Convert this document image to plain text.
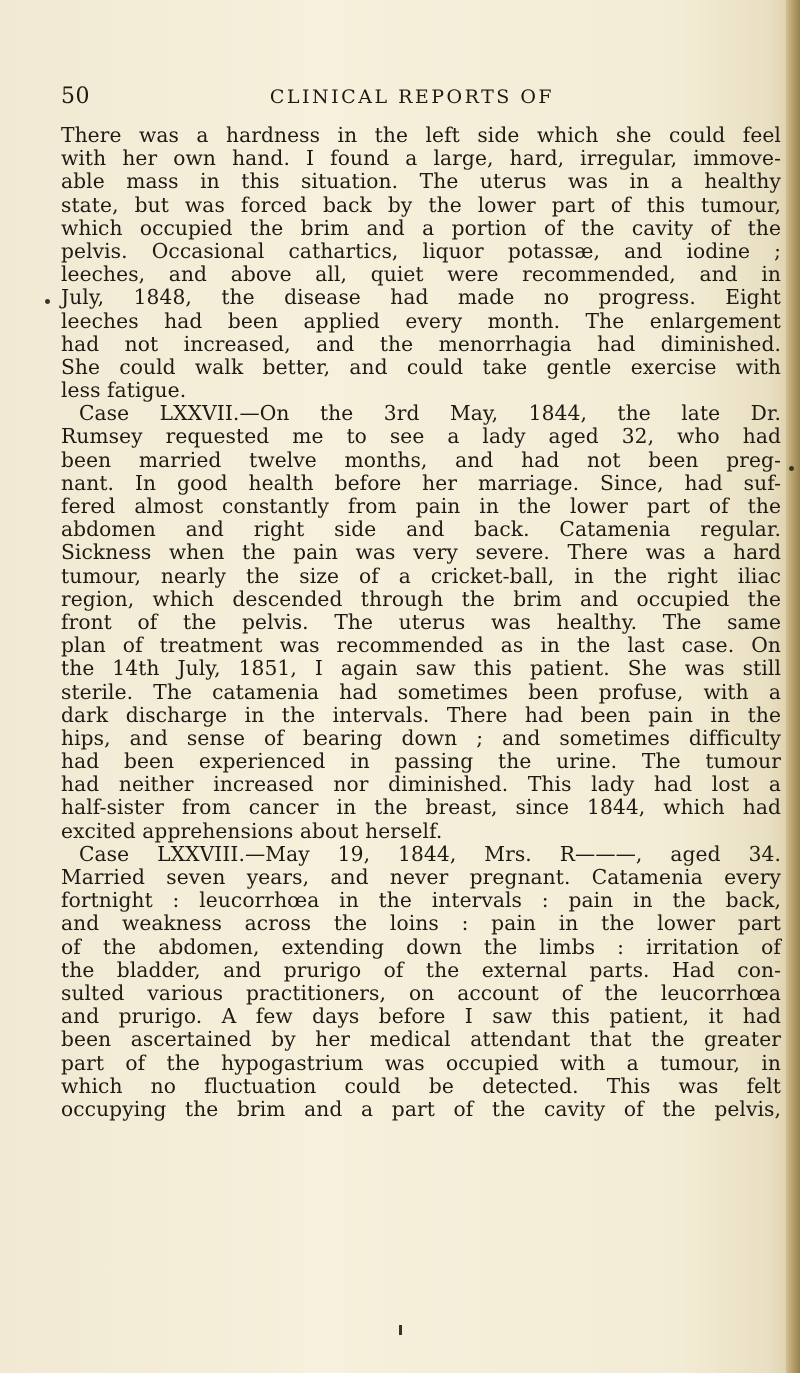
50	CLINICAL REPORTS OF
There was a hardness in the left side which she could feel
with her own hand. I found a large, hard, irregular, immove-
able mass in this situation. The uterus was in a healthy
state, but was forced back by the lower part of this tumour,
which occupied the brim and a portion of the cavity of the
pelvis. Occasional cathartics, liquor potassæ, and iodine ;
leeches, and above all, quiet were recommended, and in
July, 1848, the disease had made no progress. Eight
leeches had been applied every month. The enlargement
had not increased, and the menorrhagia had diminished.
She could walk better, and could take gentle exercise with
less fatigue.
Case LXXVII.—On the 3rd May, 1844, the late Dr.
Rumsey requested me to see a lady aged 32, who had
been married twelve months, and had not been preg-
nant. In good health before her marriage. Since, had suf-
fered almost constantly from pain in the lower part of the
abdomen and right side and back. Catamenia regular.
Sickness when the pain was very severe. There was a hard
tumour, nearly the size of a cricket-ball, in the right iliac
region, which descended through the brim and occupied the
front of the pelvis. The uterus was healthy. The same
plan of treatment was recommended as in the last case. On
the 14th July, 1851, I again saw this patient. She was still
sterile. The catamenia had sometimes been profuse, with a
dark discharge in the intervals. There had been pain in the
hips, and sense of bearing down ; and sometimes difficulty
had been experienced in passing the urine. The tumour
had neither increased nor diminished. This lady had lost a
half-sister from cancer in the breast, since 1844, which had
excited apprehensions about herself.
Case LXXVIII.—May 19, 1844, Mrs. R———, aged 34.
Married seven years, and never pregnant. Catamenia every
fortnight : leucorrhœa in the intervals : pain in the back,
and weakness across the loins : pain in the lower part
of the abdomen, extending down the limbs : irritation of
the bladder, and prurigo of the external parts. Had con-
sulted various practitioners, on account of the leucorrhœa
and prurigo. A few days before I saw this patient, it had
been ascertained by her medical attendant that the greater
part of the hypogastrium was occupied with a tumour, in
which no fluctuation could be detected. This was felt
occupying the brim and a part of the cavity of the pelvis,
